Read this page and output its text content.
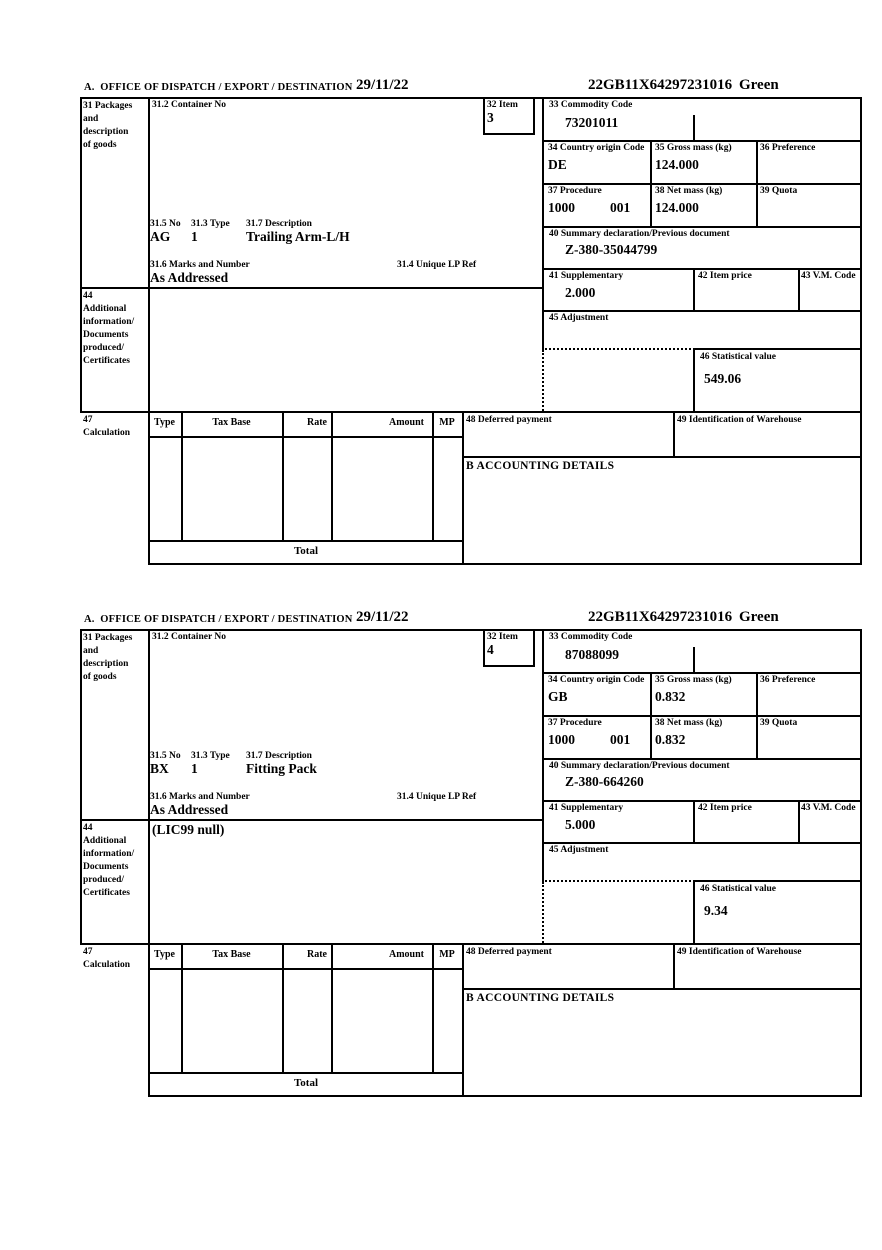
A.  OFFICE OF DISPATCH / EXPORT / DESTINATION 29/11/22	22GB11X64297231016 Green
31 Packages
and
description
of goods
31.2 Container No	32 Item
3
31.5 No 31.3 Type 31.7 Description
AG 1	Trailing Arm-L/H
31.6 Marks and Number	31.4 Unique LP Ref
As Addressed
44
Additional
information/
Documents
produced/
Certificates
33 Commodity Code
73201011
34 Country origin Code
DE
35 Gross mass (kg)
124.000
36 Preference
37 Procedure
1000	001
38 Net mass (kg)
124.000
39 Quota
40 Summary declaration/Previous document
Z-380-35044799
41 Supplementary
2.000
42 Item price	43 V.M. Code
45 Adjustment
46 Statistical value
549.06
47
Calculation
Type	Tax Base	Rate	Amount	MP	48 Deferred payment	49 Identification of Warehouse
B ACCOUNTING DETAILS
Total
A.  OFFICE OF DISPATCH / EXPORT / DESTINATION 29/11/22	22GB11X64297231016 Green
31 Packages
and
description
of goods
31.2 Container No	32 Item
4
31.5 No 31.3 Type 31.7 Description
BX 1	Fitting Pack
31.6 Marks and Number	31.4 Unique LP Ref
As Addressed
44
Additional
information/
Documents
produced/
Certificates
(LIC99 null)
33 Commodity Code
87088099
34 Country origin Code
GB
35 Gross mass (kg)
0.832
36 Preference
37 Procedure
1000	001
38 Net mass (kg)
0.832
39 Quota
40 Summary declaration/Previous document
Z-380-664260
41 Supplementary
5.000
42 Item price	43 V.M. Code
45 Adjustment
46 Statistical value
9.34
47
Calculation
Type	Tax Base	Rate	Amount	MP	48 Deferred payment	49 Identification of Warehouse
B ACCOUNTING DETAILS
Total
